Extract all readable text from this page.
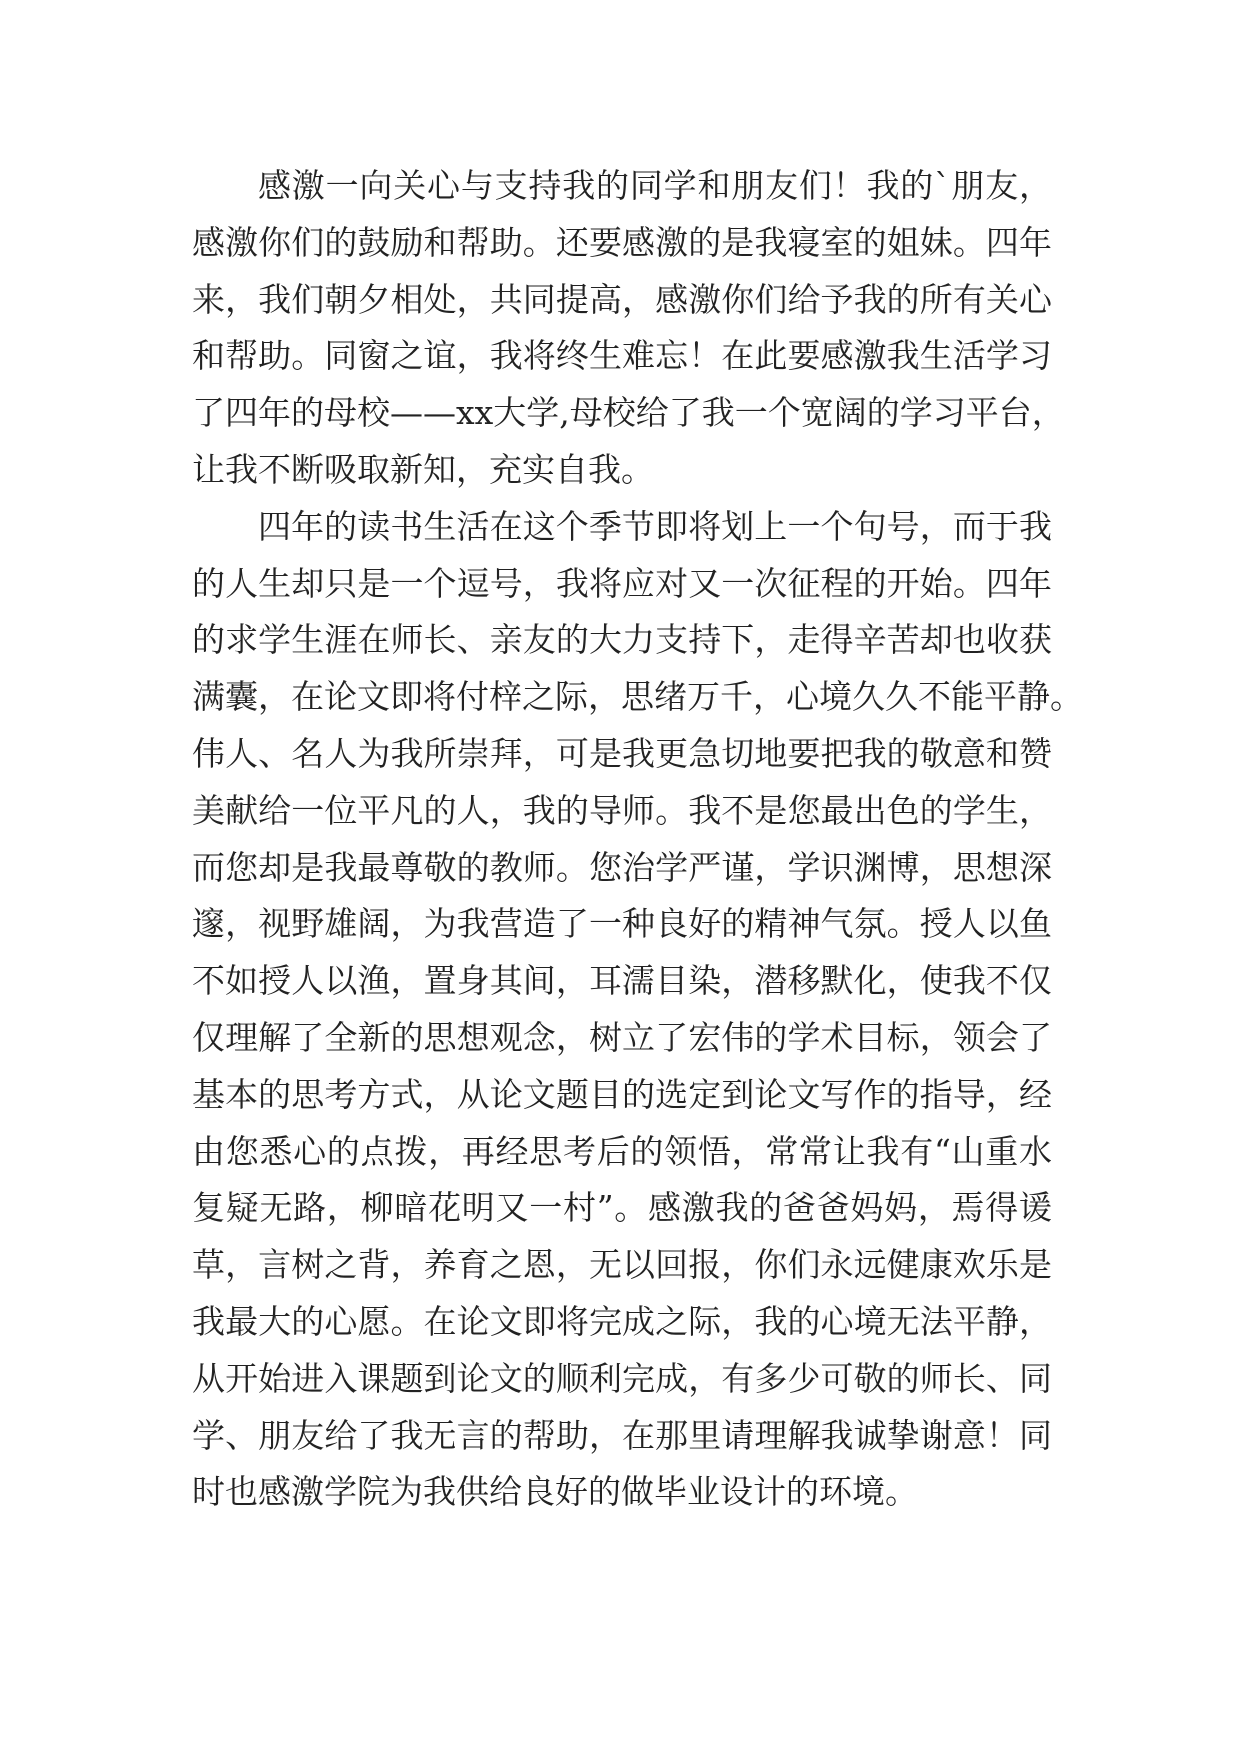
感激一向关心与支持我的同学和朋友们！我的`朋友，
感激你们的鼓励和帮助。还要感激的是我寝室的姐妹。四年
来，我们朝夕相处，共同提高，感激你们给予我的所有关心
和帮助。同窗之谊，我将终生难忘！在此要感激我生活学习
了四年的母校——xx大学,母校给了我一个宽阔的学习平台，
让我不断吸取新知，充实自我。
四年的读书生活在这个季节即将划上一个句号，而于我
的人生却只是一个逗号，我将应对又一次征程的开始。四年
的求学生涯在师长、亲友的大力支持下，走得辛苦却也收获
满囊，在论文即将付梓之际，思绪万千，心境久久不能平静。
伟人、名人为我所崇拜，可是我更急切地要把我的敬意和赞
美献给一位平凡的人，我的导师。我不是您最出色的学生，
而您却是我最尊敬的教师。您治学严谨，学识渊博，思想深
邃，视野雄阔，为我营造了一种良好的精神气氛。授人以鱼
不如授人以渔，置身其间，耳濡目染，潜移默化，使我不仅
仅理解了全新的思想观念，树立了宏伟的学术目标，领会了
基本的思考方式，从论文题目的选定到论文写作的指导，经
由您悉心的点拨，再经思考后的领悟，常常让我有“山重水
复疑无路，柳暗花明又一村”。感激我的爸爸妈妈，焉得谖
草，言树之背，养育之恩，无以回报，你们永远健康欢乐是
我最大的心愿。在论文即将完成之际，我的心境无法平静，
从开始进入课题到论文的顺利完成，有多少可敬的师长、同
学、朋友给了我无言的帮助，在那里请理解我诚挚谢意！同
时也感激学院为我供给良好的做毕业设计的环境。
